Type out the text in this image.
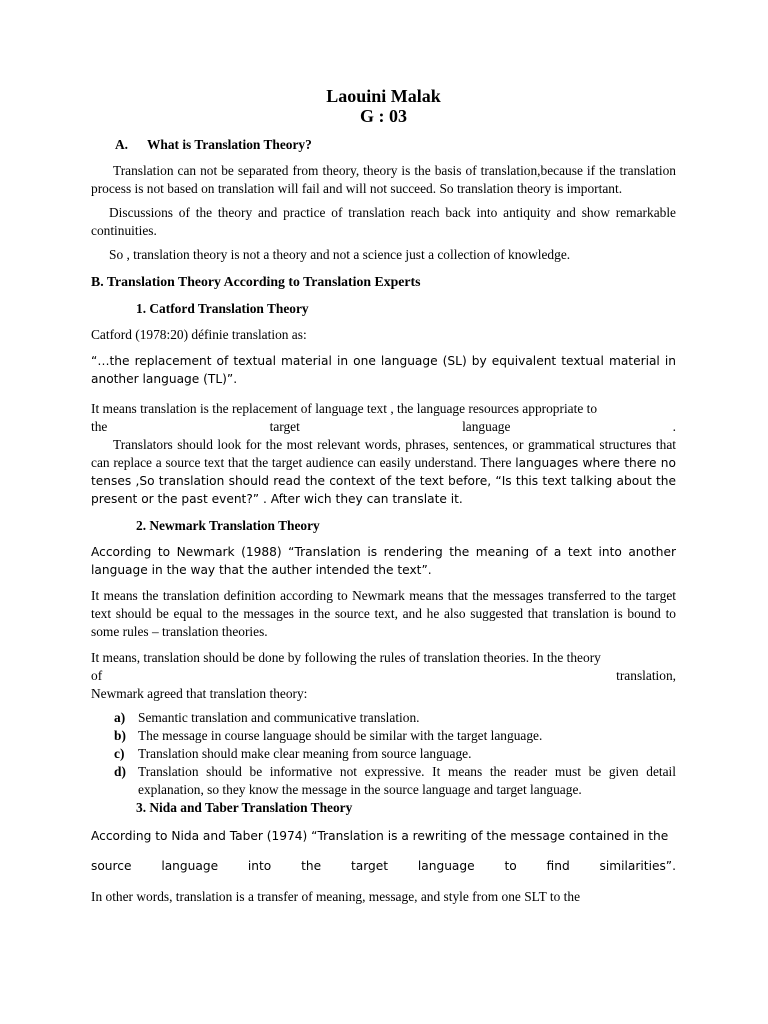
Laouini Malak
G : 03
A. What is Translation Theory?

Translation can not be separated from theory, theory is the basis of translation,because if the translation process is not based on translation will fail and will not succeed. So translation theory is important.

Discussions of the theory and practice of translation reach back into antiquity and show remarkable continuities.

So , translation theory is not a theory and not a science just a collection of knowledge.

B. Translation Theory According to Translation Experts
1. Catford Translation Theory

Catford (1978:20) définie translation as:

“…the replacement of textual material in one language (SL) by equivalent textual material in another language (TL)”.

It means translation is the replacement of language text , the language resources appropriate to

the target language .

Translators should look for the most relevant words, phrases, sentences, or grammatical structures that can replace a source text that the target audience can easily understand. There languages where there no tenses ,So translation should read the context of the text before, “Is this text talking about the present or the past event?” . After wich they can translate it.

2. Newmark Translation Theory

According to Newmark (1988) “Translation is rendering the meaning of a text into another language in the way that the auther intended the text”.

It means the translation definition according to Newmark means that the messages transferred to the target text should be equal to the messages in the source text, and he also suggested that translation is bound to some rules – translation theories.

It means, translation should be done by following the rules of translation theories. In the theory

of translation,

Newmark agreed that translation theory:

a) Semantic translation and communicative translation.
b) The message in course language should be similar with the target language.
c) Translation should make clear meaning from source language.
d) Translation should be informative not expressive. It means the reader must be given detail explanation, so they know the message in the source language and target language.
3. Nida and Taber Translation Theory

According to Nida and Taber (1974) “Translation is a rewriting of the message contained in the

source language into the target language to find similarities”.

In other words, translation is a transfer of meaning, message, and style from one SLT to the
